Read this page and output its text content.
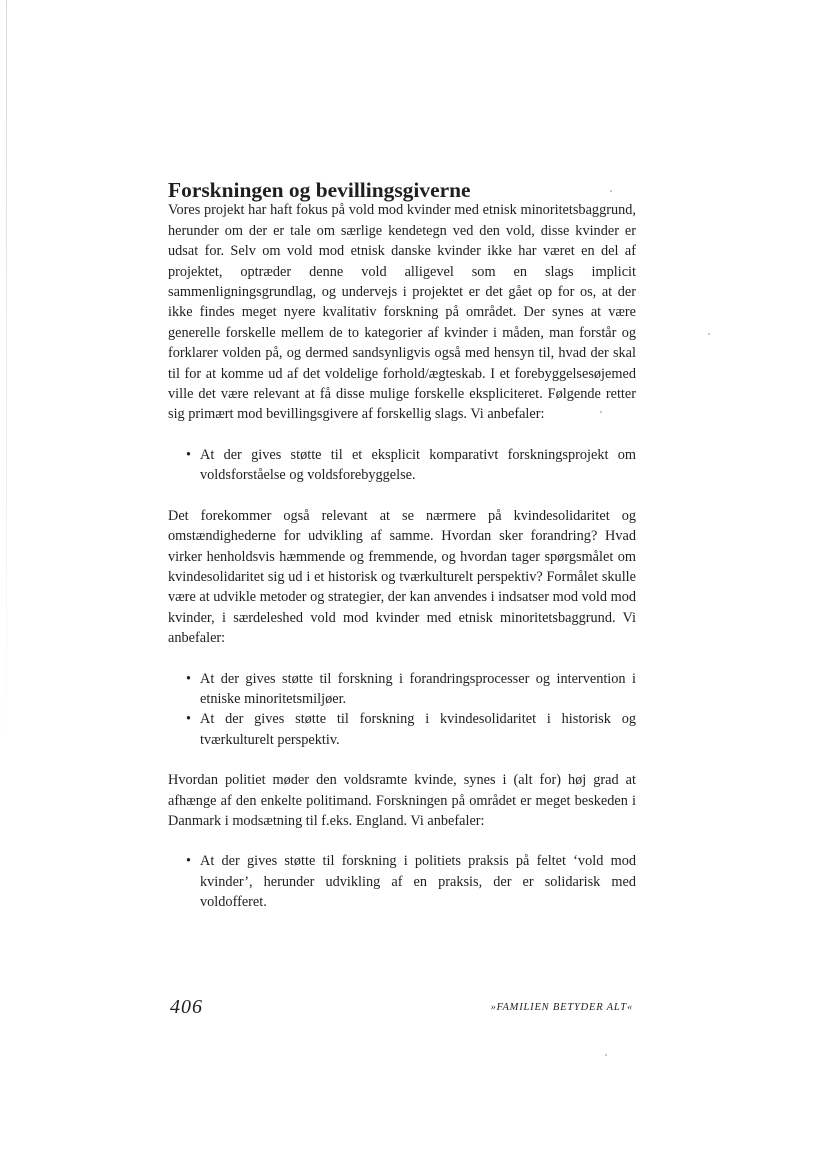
Forskningen og bevillingsgiverne

Vores projekt har haft fokus på vold mod kvinder med etnisk minoritetsbaggrund, herunder om der er tale om særlige kendetegn ved den vold, disse kvinder er udsat for. Selv om vold mod etnisk danske kvinder ikke har været en del af projektet, optræder denne vold alligevel som en slags implicit sammenligningsgrundlag, og undervejs i projektet er det gået op for os, at der ikke findes meget nyere kvalitativ forskning på området. Der synes at være generelle forskelle mellem de to kategorier af kvinder i måden, man forstår og forklarer volden på, og dermed sandsynligvis også med hensyn til, hvad der skal til for at komme ud af det voldelige forhold/ægteskab. I et forebyggelsesøjemed ville det være relevant at få disse mulige forskelle ekspliciteret. Følgende retter sig primært mod bevillingsgivere af forskellig slags. Vi anbefaler:

• At der gives støtte til et eksplicit komparativt forskningsprojekt om voldsforståelse og voldsforebyggelse.

Det forekommer også relevant at se nærmere på kvindesolidaritet og omstændighederne for udvikling af samme. Hvordan sker forandring? Hvad virker henholdsvis hæmmende og fremmende, og hvordan tager spørgsmålet om kvindesolidaritet sig ud i et historisk og tværkulturelt perspektiv? Formålet skulle være at udvikle metoder og strategier, der kan anvendes i indsatser mod vold mod kvinder, i særdeleshed vold mod kvinder med etnisk minoritetsbaggrund. Vi anbefaler:

• At der gives støtte til forskning i forandringsprocesser og intervention i etniske minoritetsmiljøer.
• At der gives støtte til forskning i kvindesolidaritet i historisk og tværkulturelt perspektiv.

Hvordan politiet møder den voldsramte kvinde, synes i (alt for) høj grad at afhænge af den enkelte politimand. Forskningen på området er meget beskeden i Danmark i modsætning til f.eks. England. Vi anbefaler:

• At der gives støtte til forskning i politiets praksis på feltet ‘vold mod kvinder’, herunder udvikling af en praksis, der er solidarisk med voldofferet.
406	»FAMILIEN BETYDER ALT«
